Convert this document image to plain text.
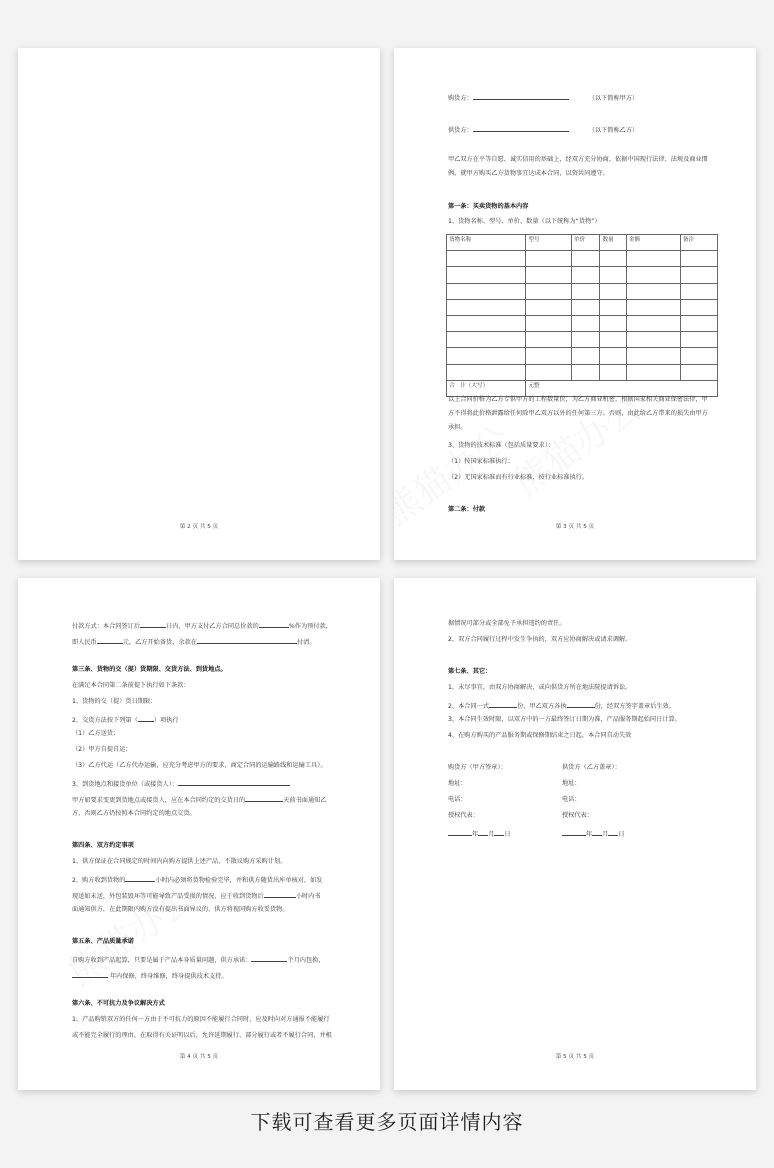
第 2 页 共 5 页
购货方：	（以下简称甲方）
供货方：	（以下简称乙方）
甲乙双方在平等自愿、诚实信用的基础上，经双方充分协商，依据中国现行法律、法规及商业惯
例，就甲方购买乙方货物事宜达成本合同，以资共同遵守。
第一条：买卖货物的基本内容
1、货物名称、型号、单价、数量（以下统称为“货物”）
货物名称	型号	单价	数量	金额	备注

合　计（大写）	元整				
以上合同价格为乙方专供甲方的工程数量价，为乙方商业机密，根据国家相关商业保密法律，甲
方不得将此价格泄露给任何除甲乙双方以外的任何第三方。否则，由此给乙方带来的损失由甲方
承担。
3、货物的技术标准（包括质量要求）：
（1）按国家标准执行；
（2）无国家标准而有行业标准，按行业标准执行。
第二条：付款
第 3 页 共 5 页
付款方式：本合同签订后	日内，甲方支付乙方合同总价款的	%作为预付款，
即人民币	元。乙方开始备货，余款在	付清。
第三条、货物的交（提）货期限、交货方法、到货地点。
在满足本合同第二条前提下执行如下条款：
1、货物的交（提）货日期限：
2、交货方法按下列第（	）项执行
（1）乙方送货；
（2）甲方自提自运；
（3）乙方代运（乙方代办运输，应充分考虑甲方的要求，商定合同的运输路线和运输工具）。
3、到货地点和接货单位（或接货人）：
甲方如要求变更到货地点或接货人，应在本合同约定的交货日的	天前书面通知乙
方，否则乙方仍按照本合同约定的地点交货。
第四条、双方约定事项
1、供方保证在合同规定的时间内向购方提供上述产品，不散议购方采购计划。
2、购方收到货物的	小时内必须将货物检验完毕，并和供方随货出库单核对，如发
现送如未送，外包装毁坏等可能导致产品受损的情况，应于收到货物后	小时内书
面通知供方，在此期限内购方没有提出书面异议的，供方将视同购方收妥货物。
第五条、产品质量承诺
自购方收到产品起算，只要是属于产品本身质量问题，供方承诺：	个月内包换，
年内保修，终身维修，终身提供技术支持。
第六条、不可抗力及争议解决方式
1、产品购销双方的任何一方由于不可抗力的原因不能履行合同时，应及时向对方通报不能履行
或不能完全履行的理由，在取得有关证明以后，允许延期履行、部分履行或者不履行合同，并根
第 4 页 共 5 页
据情况可部分或全部免予承担违约的责任。
2、双方合同履行过程中发生争执的，双方应协商解决或请求调解。
第七条、其它：
1、未尽事宜，由双方协商解决，或向供货方所在地法院提请诉讼。
2、本合同一式	份，甲乙双方各执	份，经双方签字盖章后生效。
3、本合同生效时限，以双方中的一方最终签订日期为准，产品服务期起始同日计算。
4、在购方购买的产品服务期或保修期结束之日起，本合同自动失效
购货方（甲方签章）：
地址：
电话：
授权代表：
年 月 日
供货方（乙方盖章）：
地址：
电话：
授权代表：
年 月 日
第 5 页 共 5 页
下载可查看更多页面详情内容
